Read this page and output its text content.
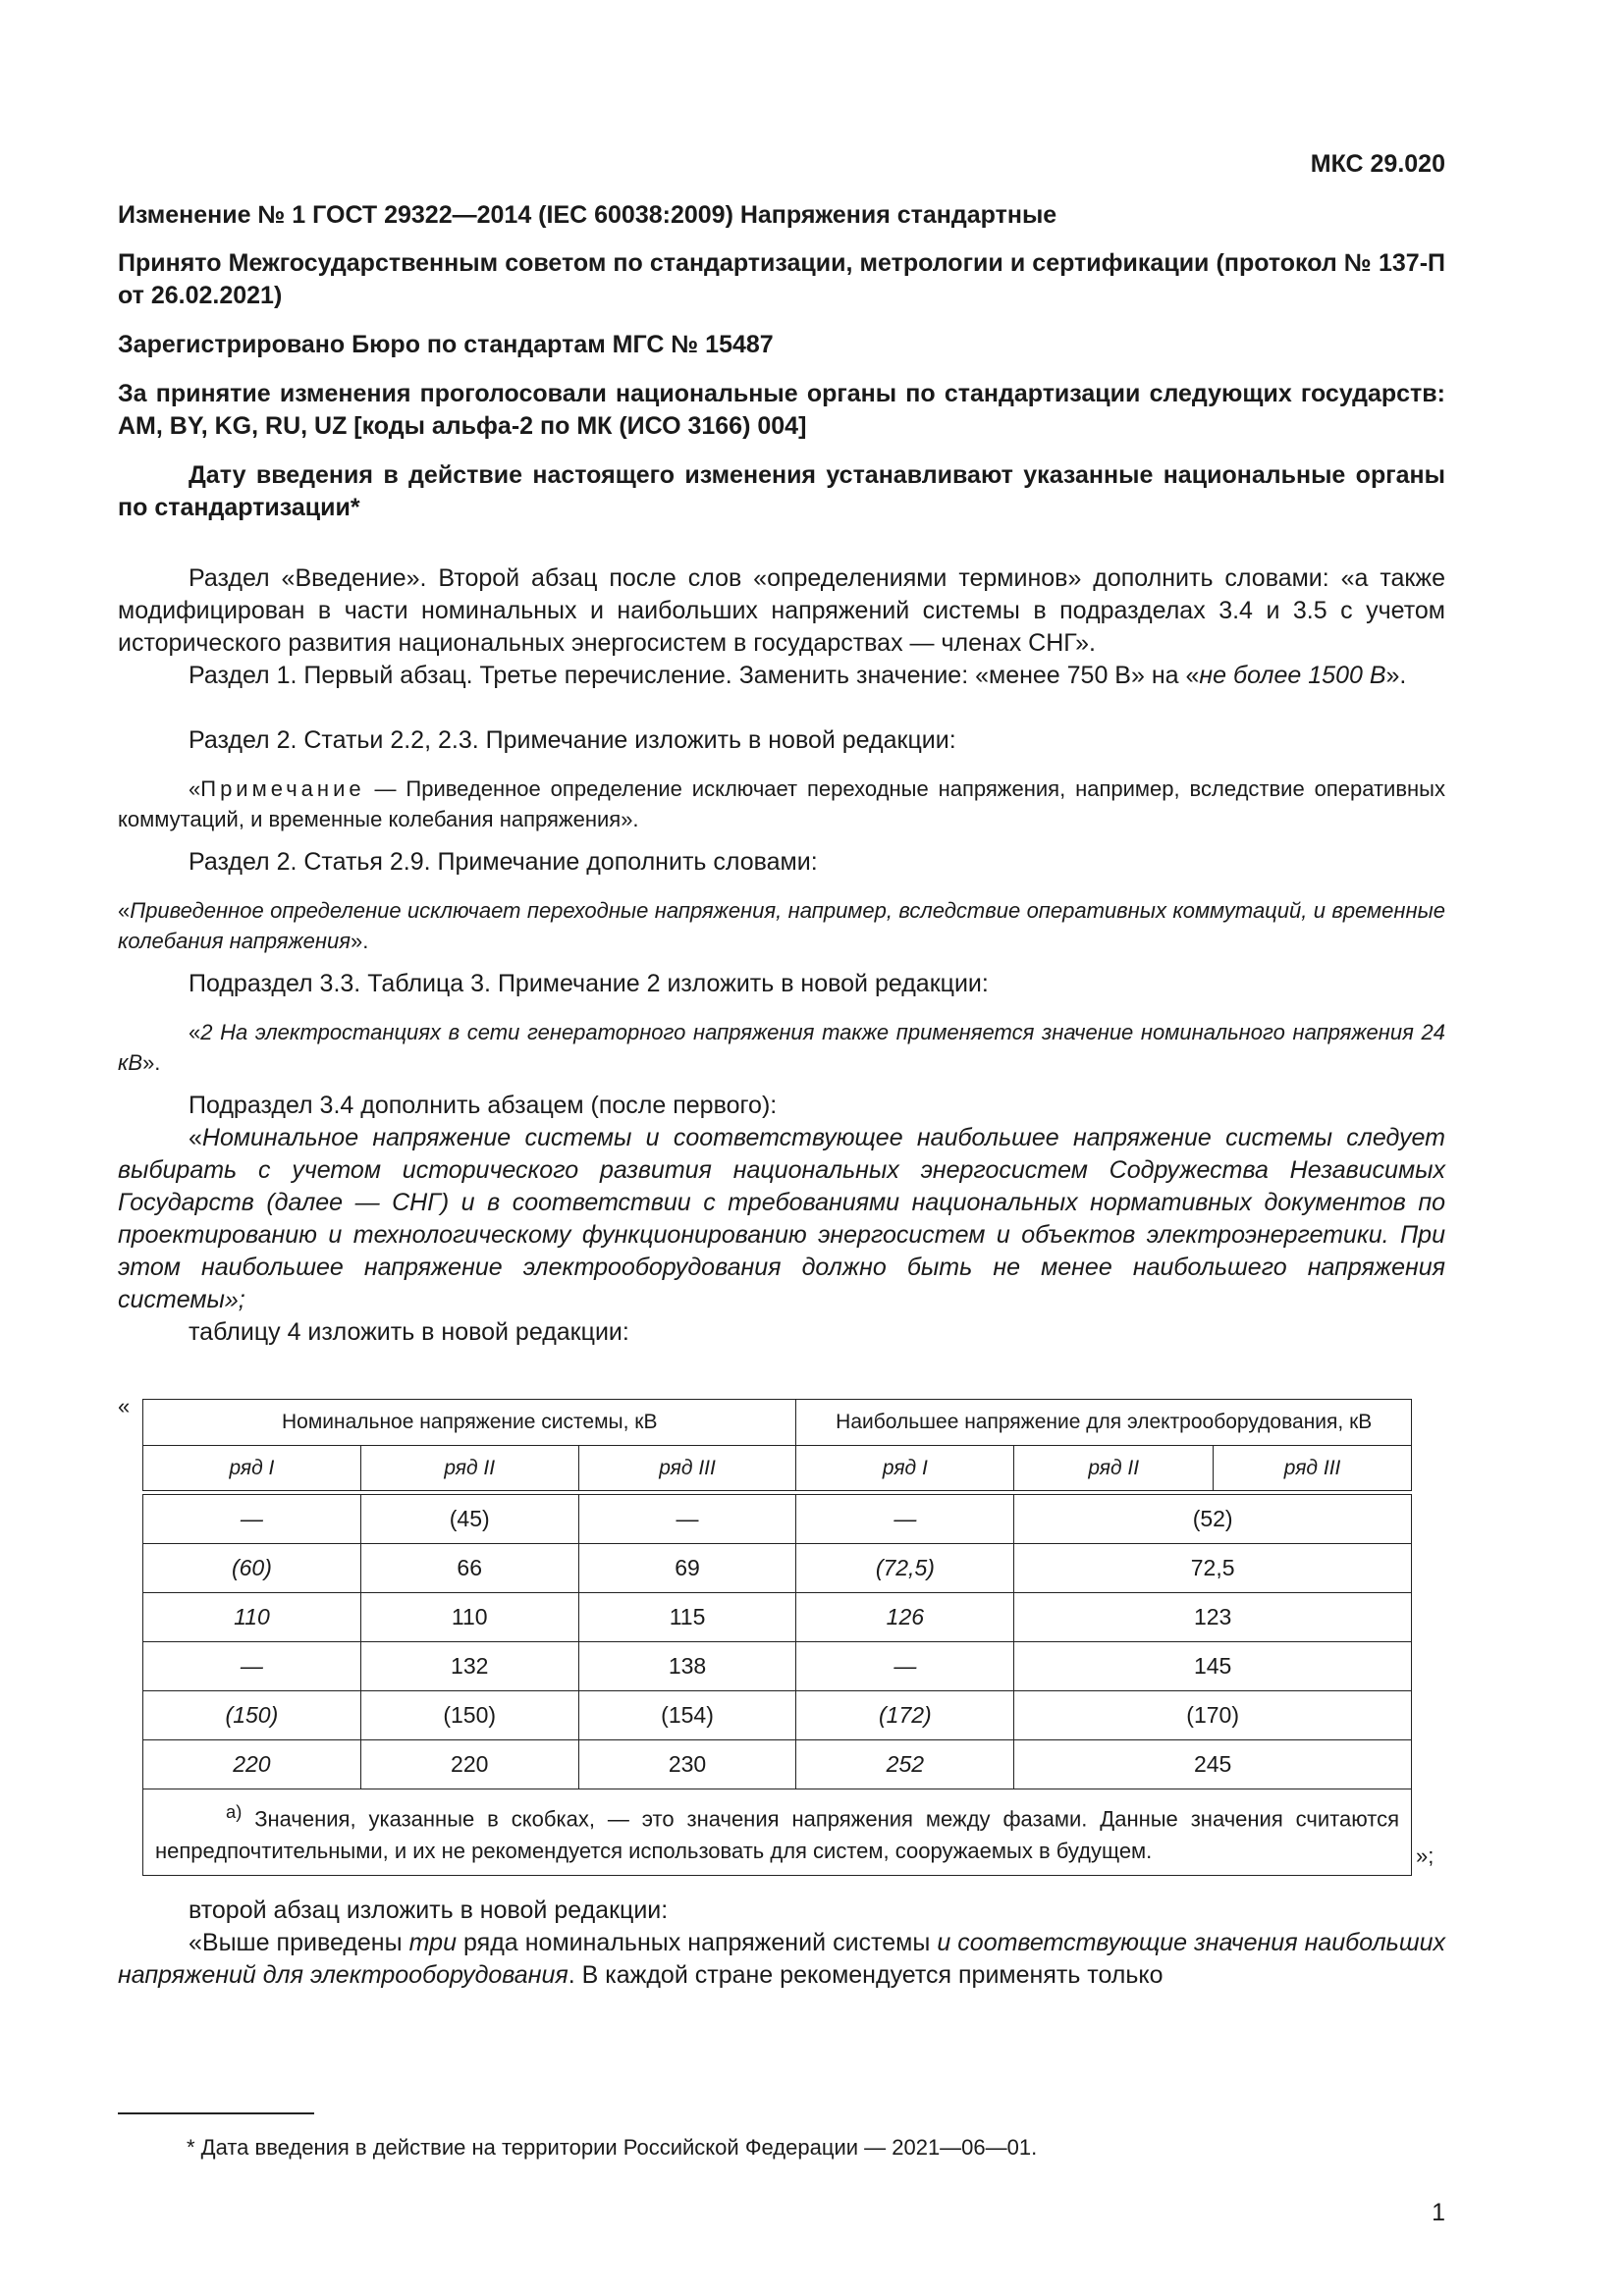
МКС 29.020
Изменение № 1 ГОСТ 29322—2014 (IEC 60038:2009) Напряжения стандартные
Принято Межгосударственным советом по стандартизации, метрологии и сертификации (протокол № 137-П от 26.02.2021)
Зарегистрировано Бюро по стандартам МГС № 15487
За принятие изменения проголосовали национальные органы по стандартизации следующих государств: AM, BY, KG, RU, UZ [коды альфа-2 по МК (ИСО 3166) 004]
Дату введения в действие настоящего изменения устанавливают указанные национальные органы по стандартизации*
Раздел «Введение». Второй абзац после слов «определениями терминов» дополнить словами: «а также модифицирован в части номинальных и наибольших напряжений системы в подразделах 3.4 и 3.5 с учетом исторического развития национальных энергосистем в государствах — членах СНГ».
Раздел 1. Первый абзац. Третье перечисление. Заменить значение: «менее 750 В» на «не более 1500 В».
Раздел 2. Статьи 2.2, 2.3. Примечание изложить в новой редакции:
«Примечание — Приведенное определение исключает переходные напряжения, например, вследствие оперативных коммутаций, и временные колебания напряжения».
Раздел 2. Статья 2.9. Примечание дополнить словами:
«Приведенное определение исключает переходные напряжения, например, вследствие оперативных коммутаций, и временные колебания напряжения».
Подраздел 3.3. Таблица 3. Примечание 2 изложить в новой редакции:
«2 На электростанциях в сети генераторного напряжения также применяется значение номинального напряжения 24 кВ».
Подраздел 3.4 дополнить абзацем (после первого):
«Номинальное напряжение системы и соответствующее наибольшее напряжение системы следует выбирать с учетом исторического развития национальных энергосистем Содружества Независимых Государств (далее — СНГ) и в соответствии с требованиями национальных нормативных документов по проектированию и технологическому функционированию энергосистем и объектов электроэнергетики. При этом наибольшее напряжение электрооборудования должно быть не менее наибольшего напряжения системы»;
таблицу 4 изложить в новой редакции:
«
Номинальное напряжение системы, кВ			Наибольшее напряжение для электрооборудования, кВ		
ряд I	ряд II	ряд III	ряд I	ряд II	ряд III

—	(45)	—	—	(52)	
(60)	66	69	(72,5)	72,5	
110	110	115	126	123	
—	132	138	—	145	
(150)	(150)	(154)	(172)	(170)	
220	220	230	252	245	
$^{а)}$ Значения, указанные в скобках, — это значения напряжения между фазами. Данные значения считаются непредпочтительными, и их не рекомендуется использовать для систем, сооружаемых в будущем.						»;
второй абзац изложить в новой редакции:
«Выше приведены три ряда номинальных напряжений системы и соответствующие значения наибольших напряжений для электрооборудования. В каждой стране рекомендуется применять только
* Дата введения в действие на территории Российской Федерации — 2021—06—01.
1
